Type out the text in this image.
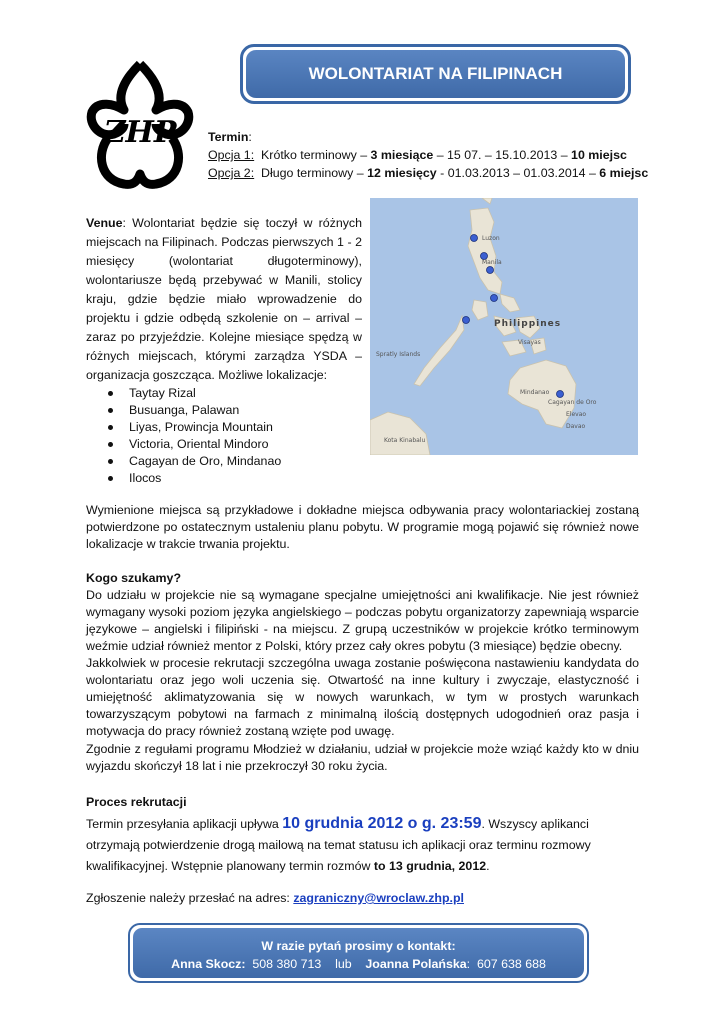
WOLONTARIAT NA FILIPINACH
ZHP	Termin:
Opcja 1: Krótko terminowy – 3 miesiące – 15 07. – 15.10.2013 – 10 miejsc
Opcja 2: Długo terminowy – 12 miesięcy - 01.03.2013 – 01.03.2014 – 6 miejsc
Venue: Wolontariat będzie się toczył w różnych miejscach na Filipinach. Podczas pierwszych 1 - 2 miesięcy (wolontariat długoterminowy), wolontariusze będą przebywać w Manili, stolicy kraju, gdzie będzie miało wprowadzenie do projektu i gdzie odbędą szkolenie on – arrival – zaraz po przyjeździe. Kolejne miesiące spędzą w różnych miejscach, którymi zarządza YSDA – organizacja goszcząca. Możliwe lokalizacje:
Taytay Rizal
Busuanga, Palawan
Liyas, Prowincja Mountain
Victoria, Oriental Mindoro
Cagayan de Oro, Mindanao
Ilocos
Philippines
Luzon
Manila
Spratly Islands
Cagayan de Oro
Davao
Kota Kinabalu
Mindanao
Visayas
Elevao
Wymienione miejsca są przykładowe i dokładne miejsca odbywania pracy wolontariackiej zostaną potwierdzone po ostatecznym ustaleniu planu pobytu. W programie mogą pojawić się również nowe lokalizacje w trakcie trwania projektu.
Kogo szukamy?
Do udziału w projekcie nie są wymagane specjalne umiejętności ani kwalifikacje. Nie jest również wymagany wysoki poziom języka angielskiego – podczas pobytu organizatorzy zapewniają wsparcie językowe – angielski i filipiński - na miejscu. Z grupą uczestników w projekcie krótko terminowym weźmie udział również mentor z Polski, który przez cały okres pobytu (3 miesiące) będzie obecny.
Jakkolwiek w procesie rekrutacji szczególna uwaga zostanie poświęcona nastawieniu kandydata do wolontariatu oraz jego woli uczenia się. Otwartość na inne kultury i zwyczaje, elastyczność i umiejętność aklimatyzowania się w nowych warunkach, w tym w prostych warunkach towarzyszącym pobytowi na farmach z minimalną ilością dostępnych udogodnień oraz pasja i motywacja do pracy również zostaną wzięte pod uwagę.
Zgodnie z regułami programu Młodzież w działaniu, udział w projekcie może wziąć każdy kto w dniu wyjazdu skończył 18 lat i nie przekroczył 30 roku życia.
Proces rekrutacji
Termin przesyłania aplikacji upływa 10 grudnia 2012 o g. 23:59. Wszyscy aplikanci otrzymają potwierdzenie drogą mailową na temat statusu ich aplikacji oraz terminu rozmowy kwalifikacyjnej. Wstępnie planowany termin rozmów to 13 grudnia, 2012.
Zgłoszenie należy przesłać na adres: zagraniczny@wroclaw.zhp.pl
W razie pytań prosimy o kontakt:
Anna Skocz: 508 380 713 lub Joanna Polańska: 607 638 688
